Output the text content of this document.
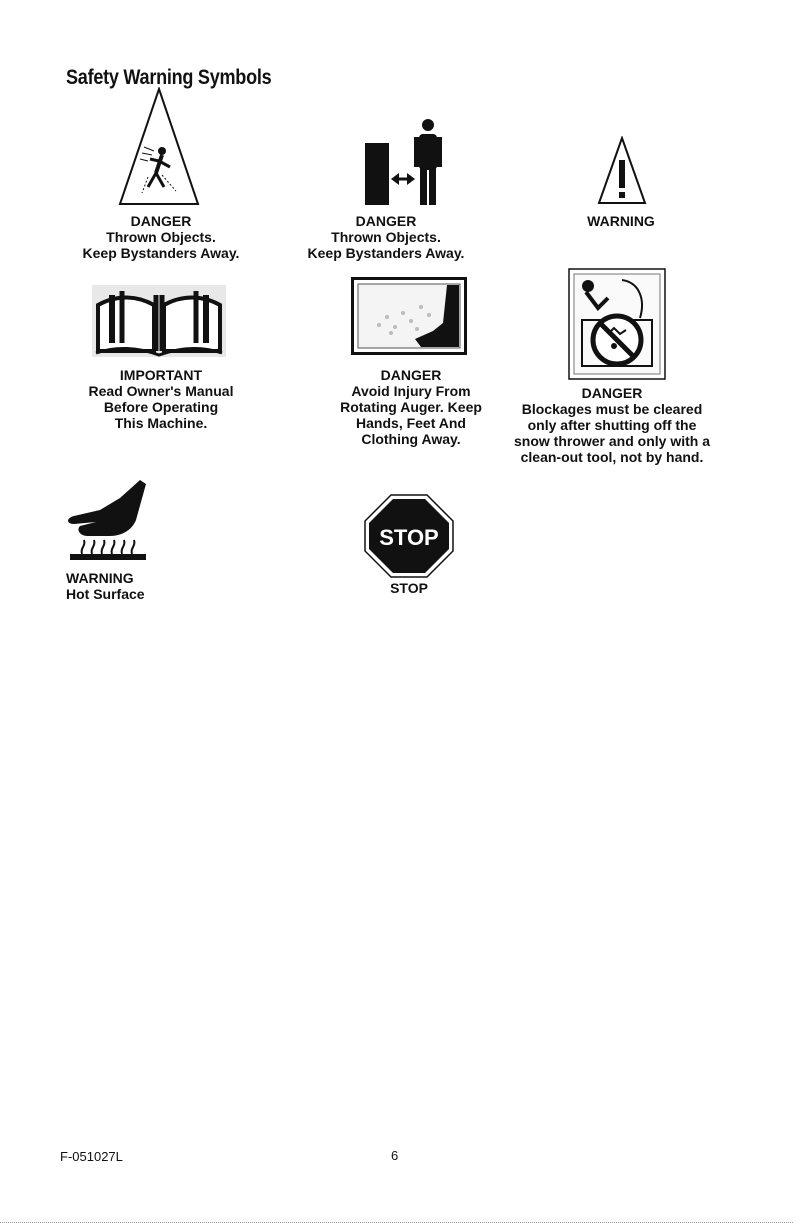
Safety Warning Symbols
DANGER
Thrown Objects.
Keep Bystanders Away.
DANGER
Thrown Objects.
Keep Bystanders Away.
WARNING
IMPORTANT
Read Owner's Manual
Before Operating
This Machine.
DANGER
Avoid Injury From
Rotating Auger. Keep
Hands, Feet And
Clothing Away.
DANGER
Blockages must be cleared
only after shutting off the
snow thrower and only with a
clean-out tool, not by hand.
WARNING
Hot Surface
STOP
STOP
F-051027L	6
